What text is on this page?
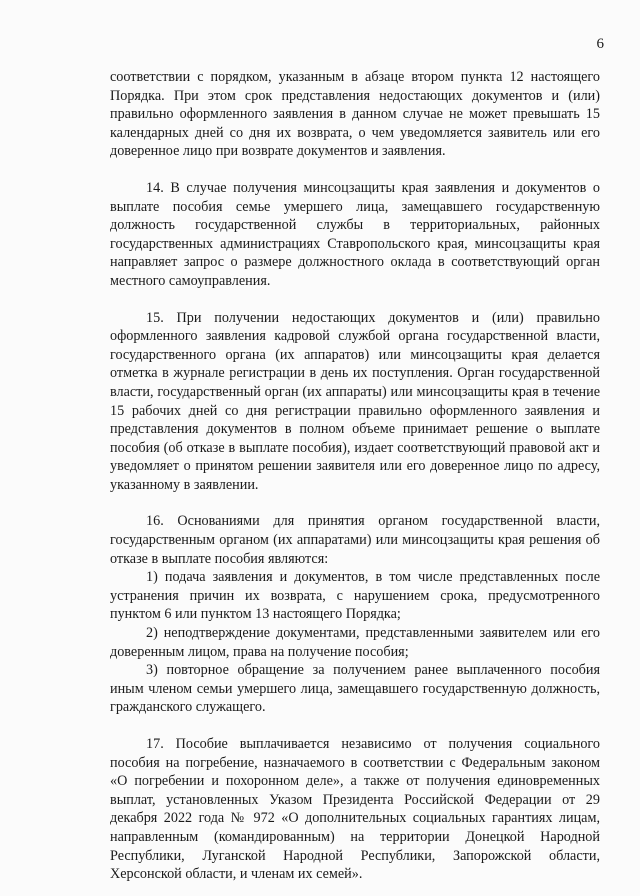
6

соответствии с порядком, указанным в абзаце втором пункта 12 настоящего Порядка. При этом срок представления недостающих документов и (или) правильно оформленного заявления в данном случае не может превышать 15 календарных дней со дня их возврата, о чем уведомляется заявитель или его доверенное лицо при возврате документов и заявления.

14. В случае получения минсоцзащиты края заявления и документов о выплате пособия семье умершего лица, замещавшего государственную должность государственной службы в территориальных, районных государственных администрациях Ставропольского края, минсоцзащиты края направляет запрос о размере должностного оклада в соответствующий орган местного самоуправления.

15. При получении недостающих документов и (или) правильно оформленного заявления кадровой службой органа государственной власти, государственного органа (их аппаратов) или минсоцзащиты края делается отметка в журнале регистрации в день их поступления. Орган государственной власти, государственный орган (их аппараты) или минсоцзащиты края в течение 15 рабочих дней со дня регистрации правильно оформленного заявления и представления документов в полном объеме принимает решение о выплате пособия (об отказе в выплате пособия), издает соответствующий правовой акт и уведомляет о принятом решении заявителя или его доверенное лицо по адресу, указанному в заявлении.

16. Основаниями для принятия органом государственной власти, государственным органом (их аппаратами) или минсоцзащиты края решения об отказе в выплате пособия являются:

1) подача заявления и документов, в том числе представленных после устранения причин их возврата, с нарушением срока, предусмотренного пунктом 6 или пунктом 13 настоящего Порядка;

2) неподтверждение документами, представленными заявителем или его доверенным лицом, права на получение пособия;

3) повторное обращение за получением ранее выплаченного пособия иным членом семьи умершего лица, замещавшего государственную должность, гражданского служащего.

17. Пособие выплачивается независимо от получения социального пособия на погребение, назначаемого в соответствии с Федеральным законом «О погребении и похоронном деле», а также от получения единовременных выплат, установленных Указом Президента Российской Федерации от 29 декабря 2022 года № 972 «О дополнительных социальных гарантиях лицам, направленным (командированным) на территории Донецкой Народной Республики, Луганской Народной Республики, Запорожской области, Херсонской области, и членам их семей».
